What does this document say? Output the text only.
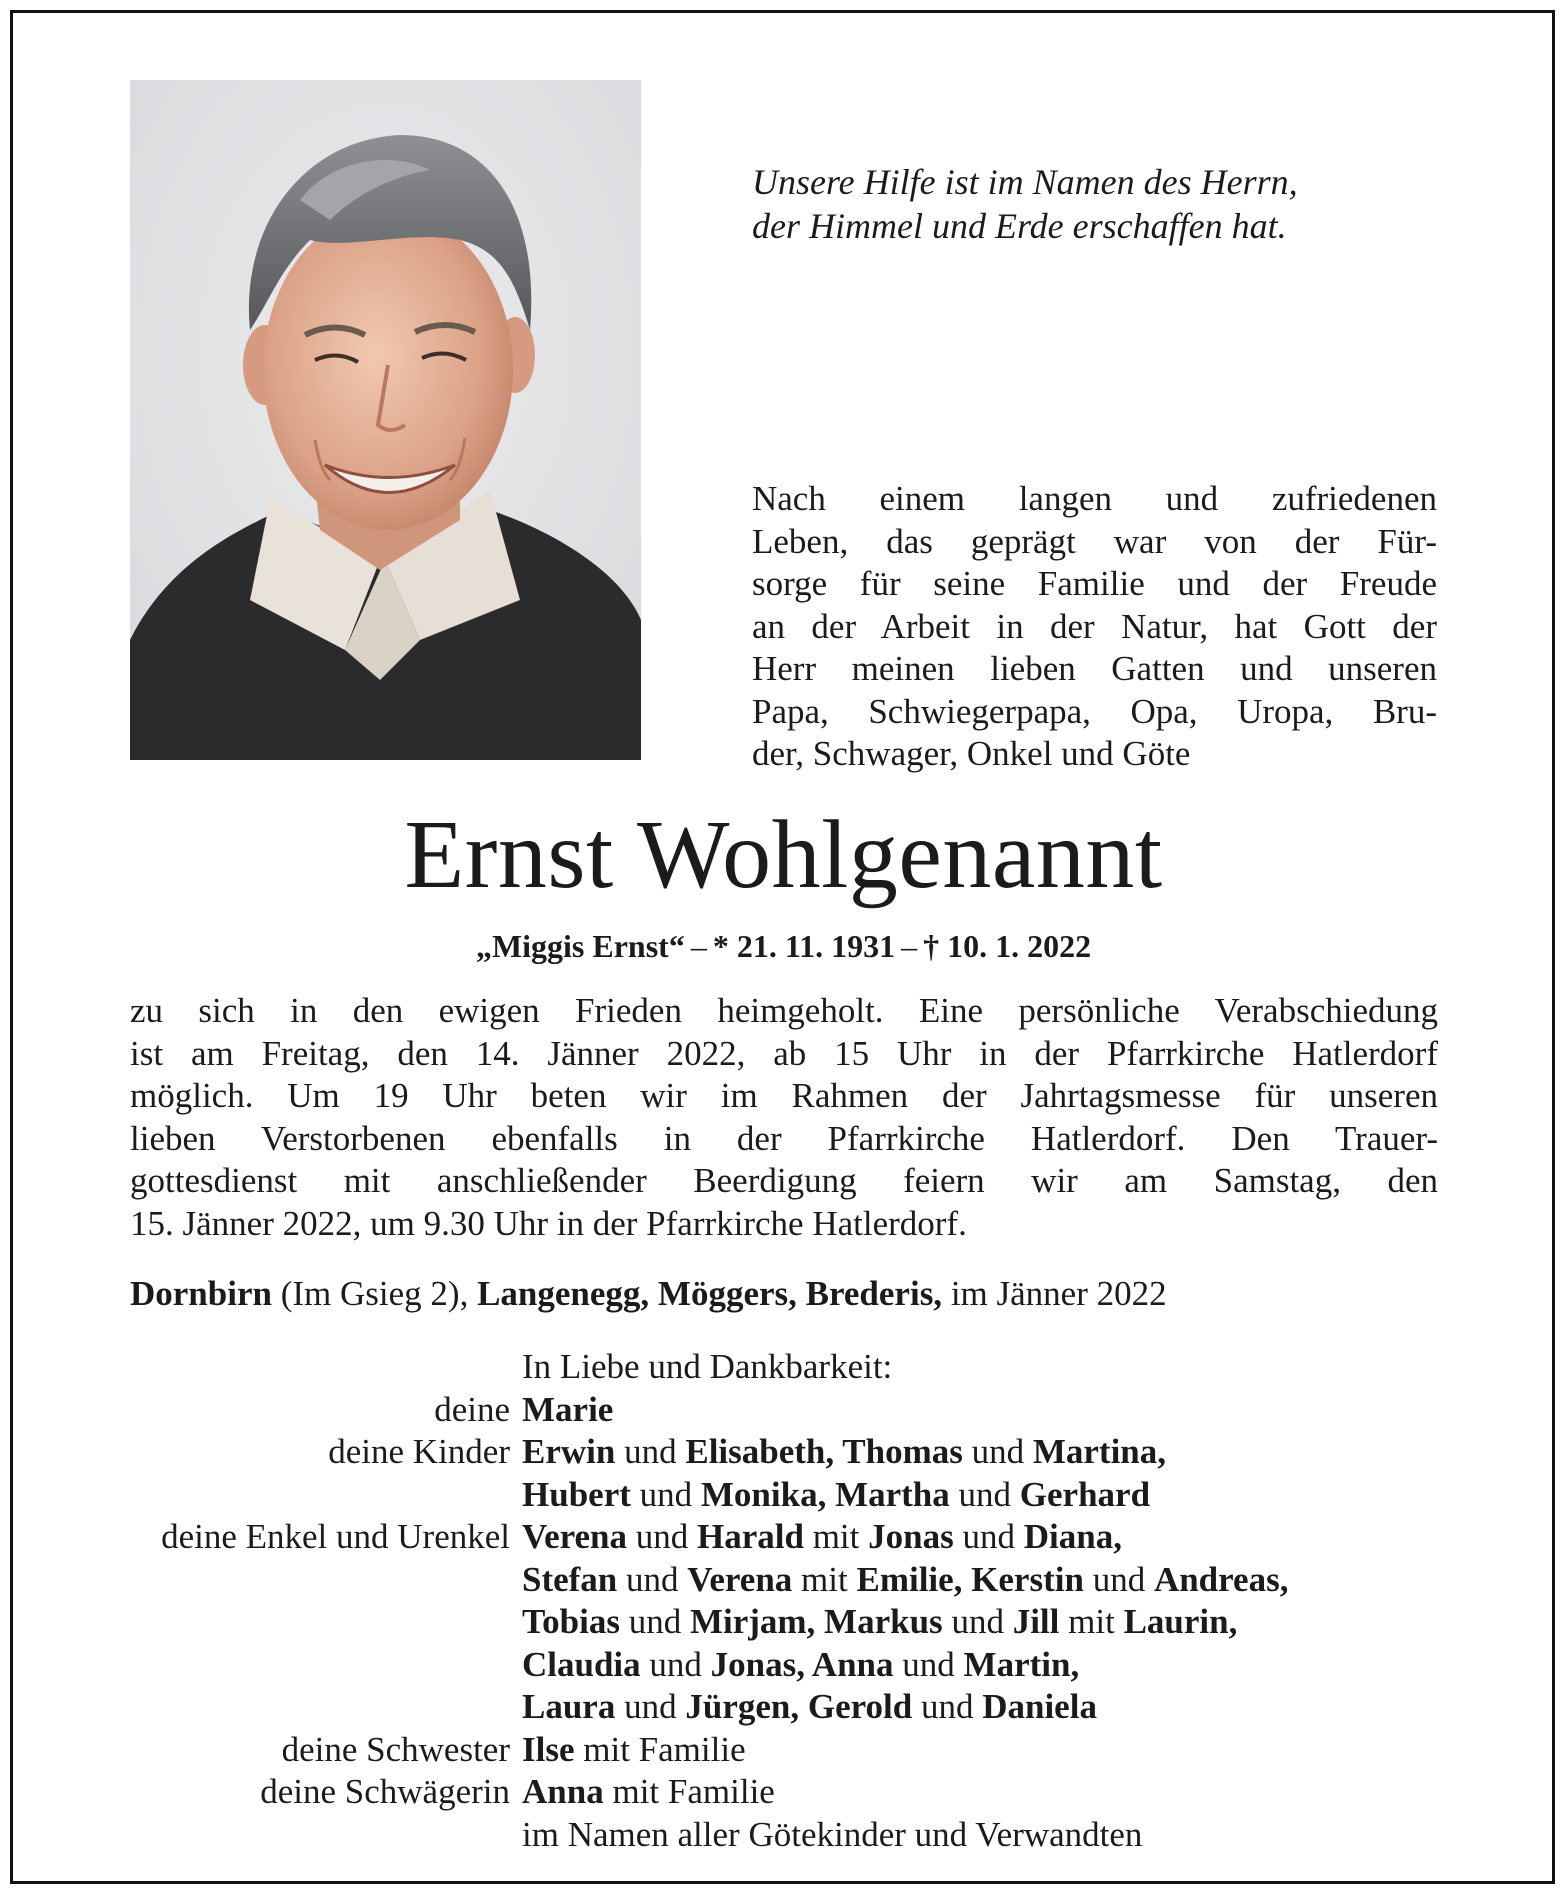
Unsere Hilfe ist im Namen des Herrn,
der Himmel und Erde erschaffen hat.
Nach einem langen und zufriedenen
Leben, das geprägt war von der Für-
sorge für seine Familie und der Freude
an der Arbeit in der Natur, hat Gott der
Herr meinen lieben Gatten und unseren
Papa, Schwiegerpapa, Opa, Uropa, Bru-
der, Schwager, Onkel und Göte
Ernst Wohlgenannt
„Miggis Ernst“ – * 21. 11. 1931 – † 10. 1. 2022
zu sich in den ewigen Frieden heimgeholt. Eine persönliche Verabschiedung
ist am Freitag, den 14. Jänner 2022, ab 15 Uhr in der Pfarrkirche Hatlerdorf
möglich. Um 19 Uhr beten wir im Rahmen der Jahrtagsmesse für unseren
lieben Verstorbenen ebenfalls in der Pfarrkirche Hatlerdorf. Den Trauer-
gottesdienst mit anschließender Beerdigung feiern wir am Samstag, den
15. Jänner 2022, um 9.30 Uhr in der Pfarrkirche Hatlerdorf.
Dornbirn (Im Gsieg 2), Langenegg, Möggers, Brederis, im Jänner 2022
In Liebe und Dankbarkeit:
deine Marie
deine Kinder Erwin und Elisabeth, Thomas und Martina,
Hubert und Monika, Martha und Gerhard
deine Enkel und Urenkel Verena und Harald mit Jonas und Diana,
Stefan und Verena mit Emilie, Kerstin und Andreas,
Tobias und Mirjam, Markus und Jill mit Laurin,
Claudia und Jonas, Anna und Martin,
Laura und Jürgen, Gerold und Daniela
deine Schwester Ilse mit Familie
deine Schwägerin Anna mit Familie
im Namen aller Götekinder und Verwandten
